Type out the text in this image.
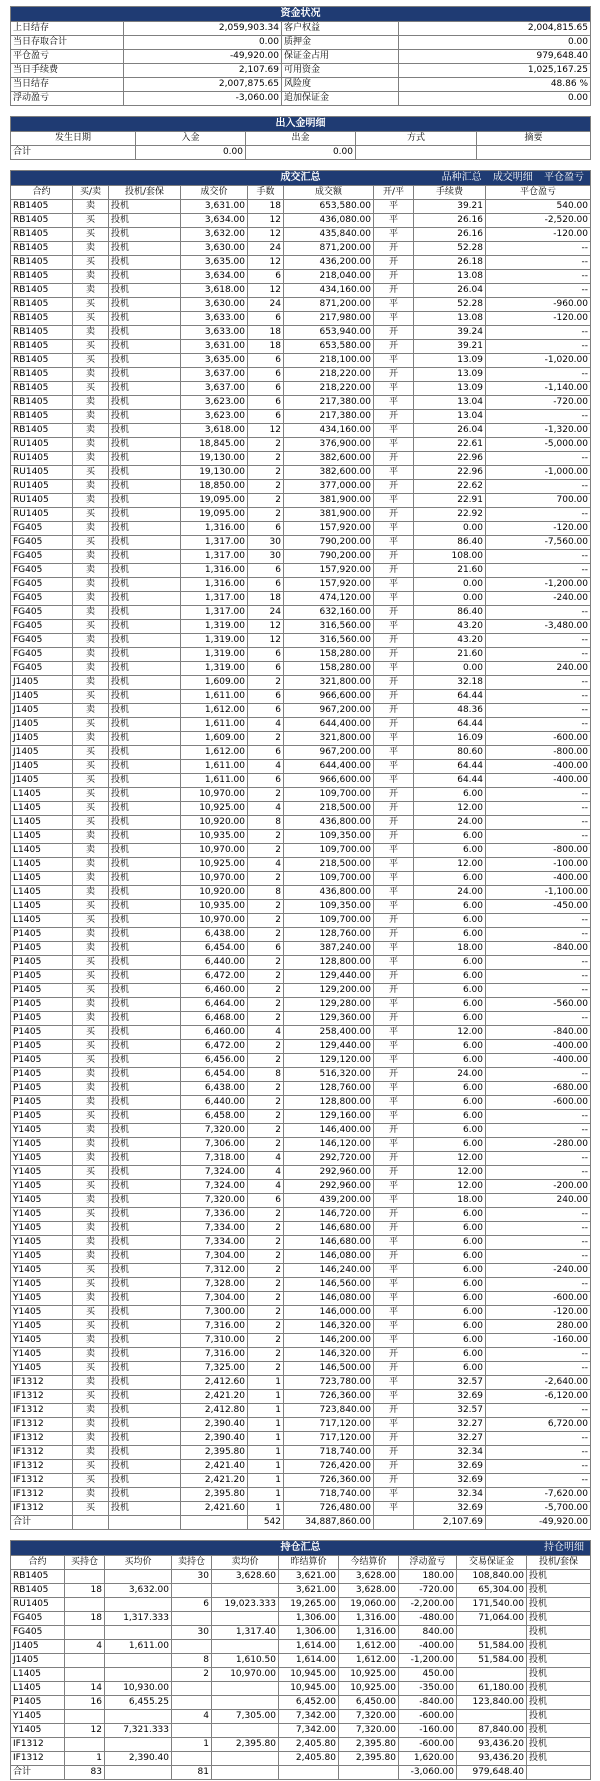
资金状况			
上日结存	2,059,903.34	客户权益	2,004,815.65
当日存取合计	0.00	质押金	0.00
平仓盈亏	-49,920.00	保证金占用	979,648.40
当日手续费	2,107.69	可用资金	1,025,167.25
当日结存	2,007,875.65	风险度	48.86 %
浮动盈亏	-3,060.00	追加保证金	0.00
出入金明细				
发生日期	入金	出金	方式	摘要
合计	0.00	0.00		
成交汇总 品种汇总 成交明细 平仓盈亏								

合约	买/卖	投机/套保	成交价	手数	成交额	开/平	手续费	平仓盈亏
RB1405	卖	投机	3,631.00	18	653,580.00	平	39.21	540.00
RB1405	买	投机	3,634.00	12	436,080.00	平	26.16	-2,520.00
RB1405	买	投机	3,632.00	12	435,840.00	平	26.16	-120.00
RB1405	卖	投机	3,630.00	24	871,200.00	开	52.28	--
RB1405	买	投机	3,635.00	12	436,200.00	开	26.18	--
RB1405	卖	投机	3,634.00	6	218,040.00	开	13.08	--
RB1405	卖	投机	3,618.00	12	434,160.00	开	26.04	--
RB1405	买	投机	3,630.00	24	871,200.00	平	52.28	-960.00
RB1405	买	投机	3,633.00	6	217,980.00	平	13.08	-120.00
RB1405	卖	投机	3,633.00	18	653,940.00	开	39.24	--
RB1405	买	投机	3,631.00	18	653,580.00	开	39.21	--
RB1405	买	投机	3,635.00	6	218,100.00	平	13.09	-1,020.00
RB1405	卖	投机	3,637.00	6	218,220.00	开	13.09	--
RB1405	买	投机	3,637.00	6	218,220.00	平	13.09	-1,140.00
RB1405	卖	投机	3,623.00	6	217,380.00	平	13.04	-720.00
RB1405	卖	投机	3,623.00	6	217,380.00	开	13.04	--
RB1405	卖	投机	3,618.00	12	434,160.00	平	26.04	-1,320.00
RU1405	卖	投机	18,845.00	2	376,900.00	平	22.61	-5,000.00
RU1405	卖	投机	19,130.00	2	382,600.00	开	22.96	--
RU1405	买	投机	19,130.00	2	382,600.00	平	22.96	-1,000.00
RU1405	卖	投机	18,850.00	2	377,000.00	开	22.62	--
RU1405	卖	投机	19,095.00	2	381,900.00	平	22.91	700.00
RU1405	买	投机	19,095.00	2	381,900.00	开	22.92	--
FG405	卖	投机	1,316.00	6	157,920.00	平	0.00	-120.00
FG405	买	投机	1,317.00	30	790,200.00	平	86.40	-7,560.00
FG405	卖	投机	1,317.00	30	790,200.00	开	108.00	--
FG405	卖	投机	1,316.00	6	157,920.00	开	21.60	--
FG405	卖	投机	1,316.00	6	157,920.00	平	0.00	-1,200.00
FG405	卖	投机	1,317.00	18	474,120.00	平	0.00	-240.00
FG405	卖	投机	1,317.00	24	632,160.00	开	86.40	--
FG405	买	投机	1,319.00	12	316,560.00	平	43.20	-3,480.00
FG405	卖	投机	1,319.00	12	316,560.00	开	43.20	--
FG405	卖	投机	1,319.00	6	158,280.00	开	21.60	--
FG405	卖	投机	1,319.00	6	158,280.00	平	0.00	240.00
J1405	卖	投机	1,609.00	2	321,800.00	开	32.18	--
J1405	买	投机	1,611.00	6	966,600.00	开	64.44	--
J1405	卖	投机	1,612.00	6	967,200.00	开	48.36	--
J1405	买	投机	1,611.00	4	644,400.00	开	64.44	--
J1405	卖	投机	1,609.00	2	321,800.00	平	16.09	-600.00
J1405	买	投机	1,612.00	6	967,200.00	平	80.60	-800.00
J1405	买	投机	1,611.00	4	644,400.00	平	64.44	-400.00
J1405	买	投机	1,611.00	6	966,600.00	平	64.44	-400.00
L1405	买	投机	10,970.00	2	109,700.00	开	6.00	--
L1405	买	投机	10,925.00	4	218,500.00	开	12.00	--
L1405	买	投机	10,920.00	8	436,800.00	开	24.00	--
L1405	卖	投机	10,935.00	2	109,350.00	开	6.00	--
L1405	卖	投机	10,970.00	2	109,700.00	平	6.00	-800.00
L1405	卖	投机	10,925.00	4	218,500.00	平	12.00	-100.00
L1405	卖	投机	10,970.00	2	109,700.00	平	6.00	-400.00
L1405	卖	投机	10,920.00	8	436,800.00	平	24.00	-1,100.00
L1405	买	投机	10,935.00	2	109,350.00	平	6.00	-450.00
L1405	买	投机	10,970.00	2	109,700.00	开	6.00	--
P1405	卖	投机	6,438.00	2	128,760.00	开	6.00	--
P1405	卖	投机	6,454.00	6	387,240.00	平	18.00	-840.00
P1405	买	投机	6,440.00	2	128,800.00	平	6.00	--
P1405	买	投机	6,472.00	2	129,440.00	开	6.00	--
P1405	买	投机	6,460.00	2	129,200.00	开	6.00	--
P1405	卖	投机	6,464.00	2	129,280.00	平	6.00	-560.00
P1405	卖	投机	6,468.00	2	129,360.00	开	6.00	--
P1405	买	投机	6,460.00	4	258,400.00	平	12.00	-840.00
P1405	买	投机	6,472.00	2	129,440.00	平	6.00	-400.00
P1405	买	投机	6,456.00	2	129,120.00	平	6.00	-400.00
P1405	卖	投机	6,454.00	8	516,320.00	开	24.00	--
P1405	卖	投机	6,438.00	2	128,760.00	平	6.00	-680.00
P1405	卖	投机	6,440.00	2	128,800.00	平	6.00	-600.00
P1405	买	投机	6,458.00	2	129,160.00	平	6.00	--
Y1405	卖	投机	7,320.00	2	146,400.00	开	6.00	--
Y1405	卖	投机	7,306.00	2	146,120.00	平	6.00	-280.00
Y1405	卖	投机	7,318.00	4	292,720.00	开	12.00	--
Y1405	买	投机	7,324.00	4	292,960.00	开	12.00	--
Y1405	买	投机	7,324.00	4	292,960.00	平	12.00	-200.00
Y1405	卖	投机	7,320.00	6	439,200.00	平	18.00	240.00
Y1405	买	投机	7,336.00	2	146,720.00	开	6.00	--
Y1405	卖	投机	7,334.00	2	146,680.00	开	6.00	--
Y1405	卖	投机	7,334.00	2	146,680.00	平	6.00	--
Y1405	卖	投机	7,304.00	2	146,080.00	开	6.00	--
Y1405	买	投机	7,312.00	2	146,240.00	平	6.00	-240.00
Y1405	买	投机	7,328.00	2	146,560.00	平	6.00	--
Y1405	卖	投机	7,304.00	2	146,080.00	平	6.00	-600.00
Y1405	买	投机	7,300.00	2	146,000.00	平	6.00	-120.00
Y1405	买	投机	7,316.00	2	146,320.00	平	6.00	280.00
Y1405	卖	投机	7,310.00	2	146,200.00	平	6.00	-160.00
Y1405	卖	投机	7,316.00	2	146,320.00	开	6.00	--
Y1405	买	投机	7,325.00	2	146,500.00	开	6.00	--
IF1312	卖	投机	2,412.60	1	723,780.00	平	32.57	-2,640.00
IF1312	买	投机	2,421.20	1	726,360.00	平	32.69	-6,120.00
IF1312	卖	投机	2,412.80	1	723,840.00	开	32.57	--
IF1312	卖	投机	2,390.40	1	717,120.00	平	32.27	6,720.00
IF1312	卖	投机	2,390.40	1	717,120.00	开	32.27	--
IF1312	卖	投机	2,395.80	1	718,740.00	开	32.34	--
IF1312	买	投机	2,421.40	1	726,420.00	开	32.69	--
IF1312	买	投机	2,421.20	1	726,360.00	开	32.69	--
IF1312	卖	投机	2,395.80	1	718,740.00	平	32.34	-7,620.00
IF1312	买	投机	2,421.60	1	726,480.00	平	32.69	-5,700.00
合计				542	34,887,860.00		2,107.69	-49,920.00
持仓汇总 持仓明细									

合约	买持仓	买均价	卖持仓	卖均价	昨结算价	今结算价	浮动盈亏	交易保证金	投机/套保
RB1405			30	3,628.60	3,621.00	3,628.00	180.00	108,840.00	投机
RB1405	18	3,632.00			3,621.00	3,628.00	-720.00	65,304.00	投机
RU1405			6	19,023.333	19,265.00	19,060.00	-2,200.00	171,540.00	投机
FG405	18	1,317.333			1,306.00	1,316.00	-480.00	71,064.00	投机
FG405			30	1,317.40	1,306.00	1,316.00	840.00		投机
J1405	4	1,611.00			1,614.00	1,612.00	-400.00	51,584.00	投机
J1405			8	1,610.50	1,614.00	1,612.00	-1,200.00	51,584.00	投机
L1405			2	10,970.00	10,945.00	10,925.00	450.00		投机
L1405	14	10,930.00			10,945.00	10,925.00	-350.00	61,180.00	投机
P1405	16	6,455.25			6,452.00	6,450.00	-840.00	123,840.00	投机
Y1405			4	7,305.00	7,342.00	7,320.00	-600.00		投机
Y1405	12	7,321.333			7,342.00	7,320.00	-160.00	87,840.00	投机
IF1312			1	2,395.80	2,405.80	2,395.80	-600.00	93,436.20	投机
IF1312	1	2,390.40			2,405.80	2,395.80	1,620.00	93,436.20	投机
合计	83		81				-3,060.00	979,648.40	
